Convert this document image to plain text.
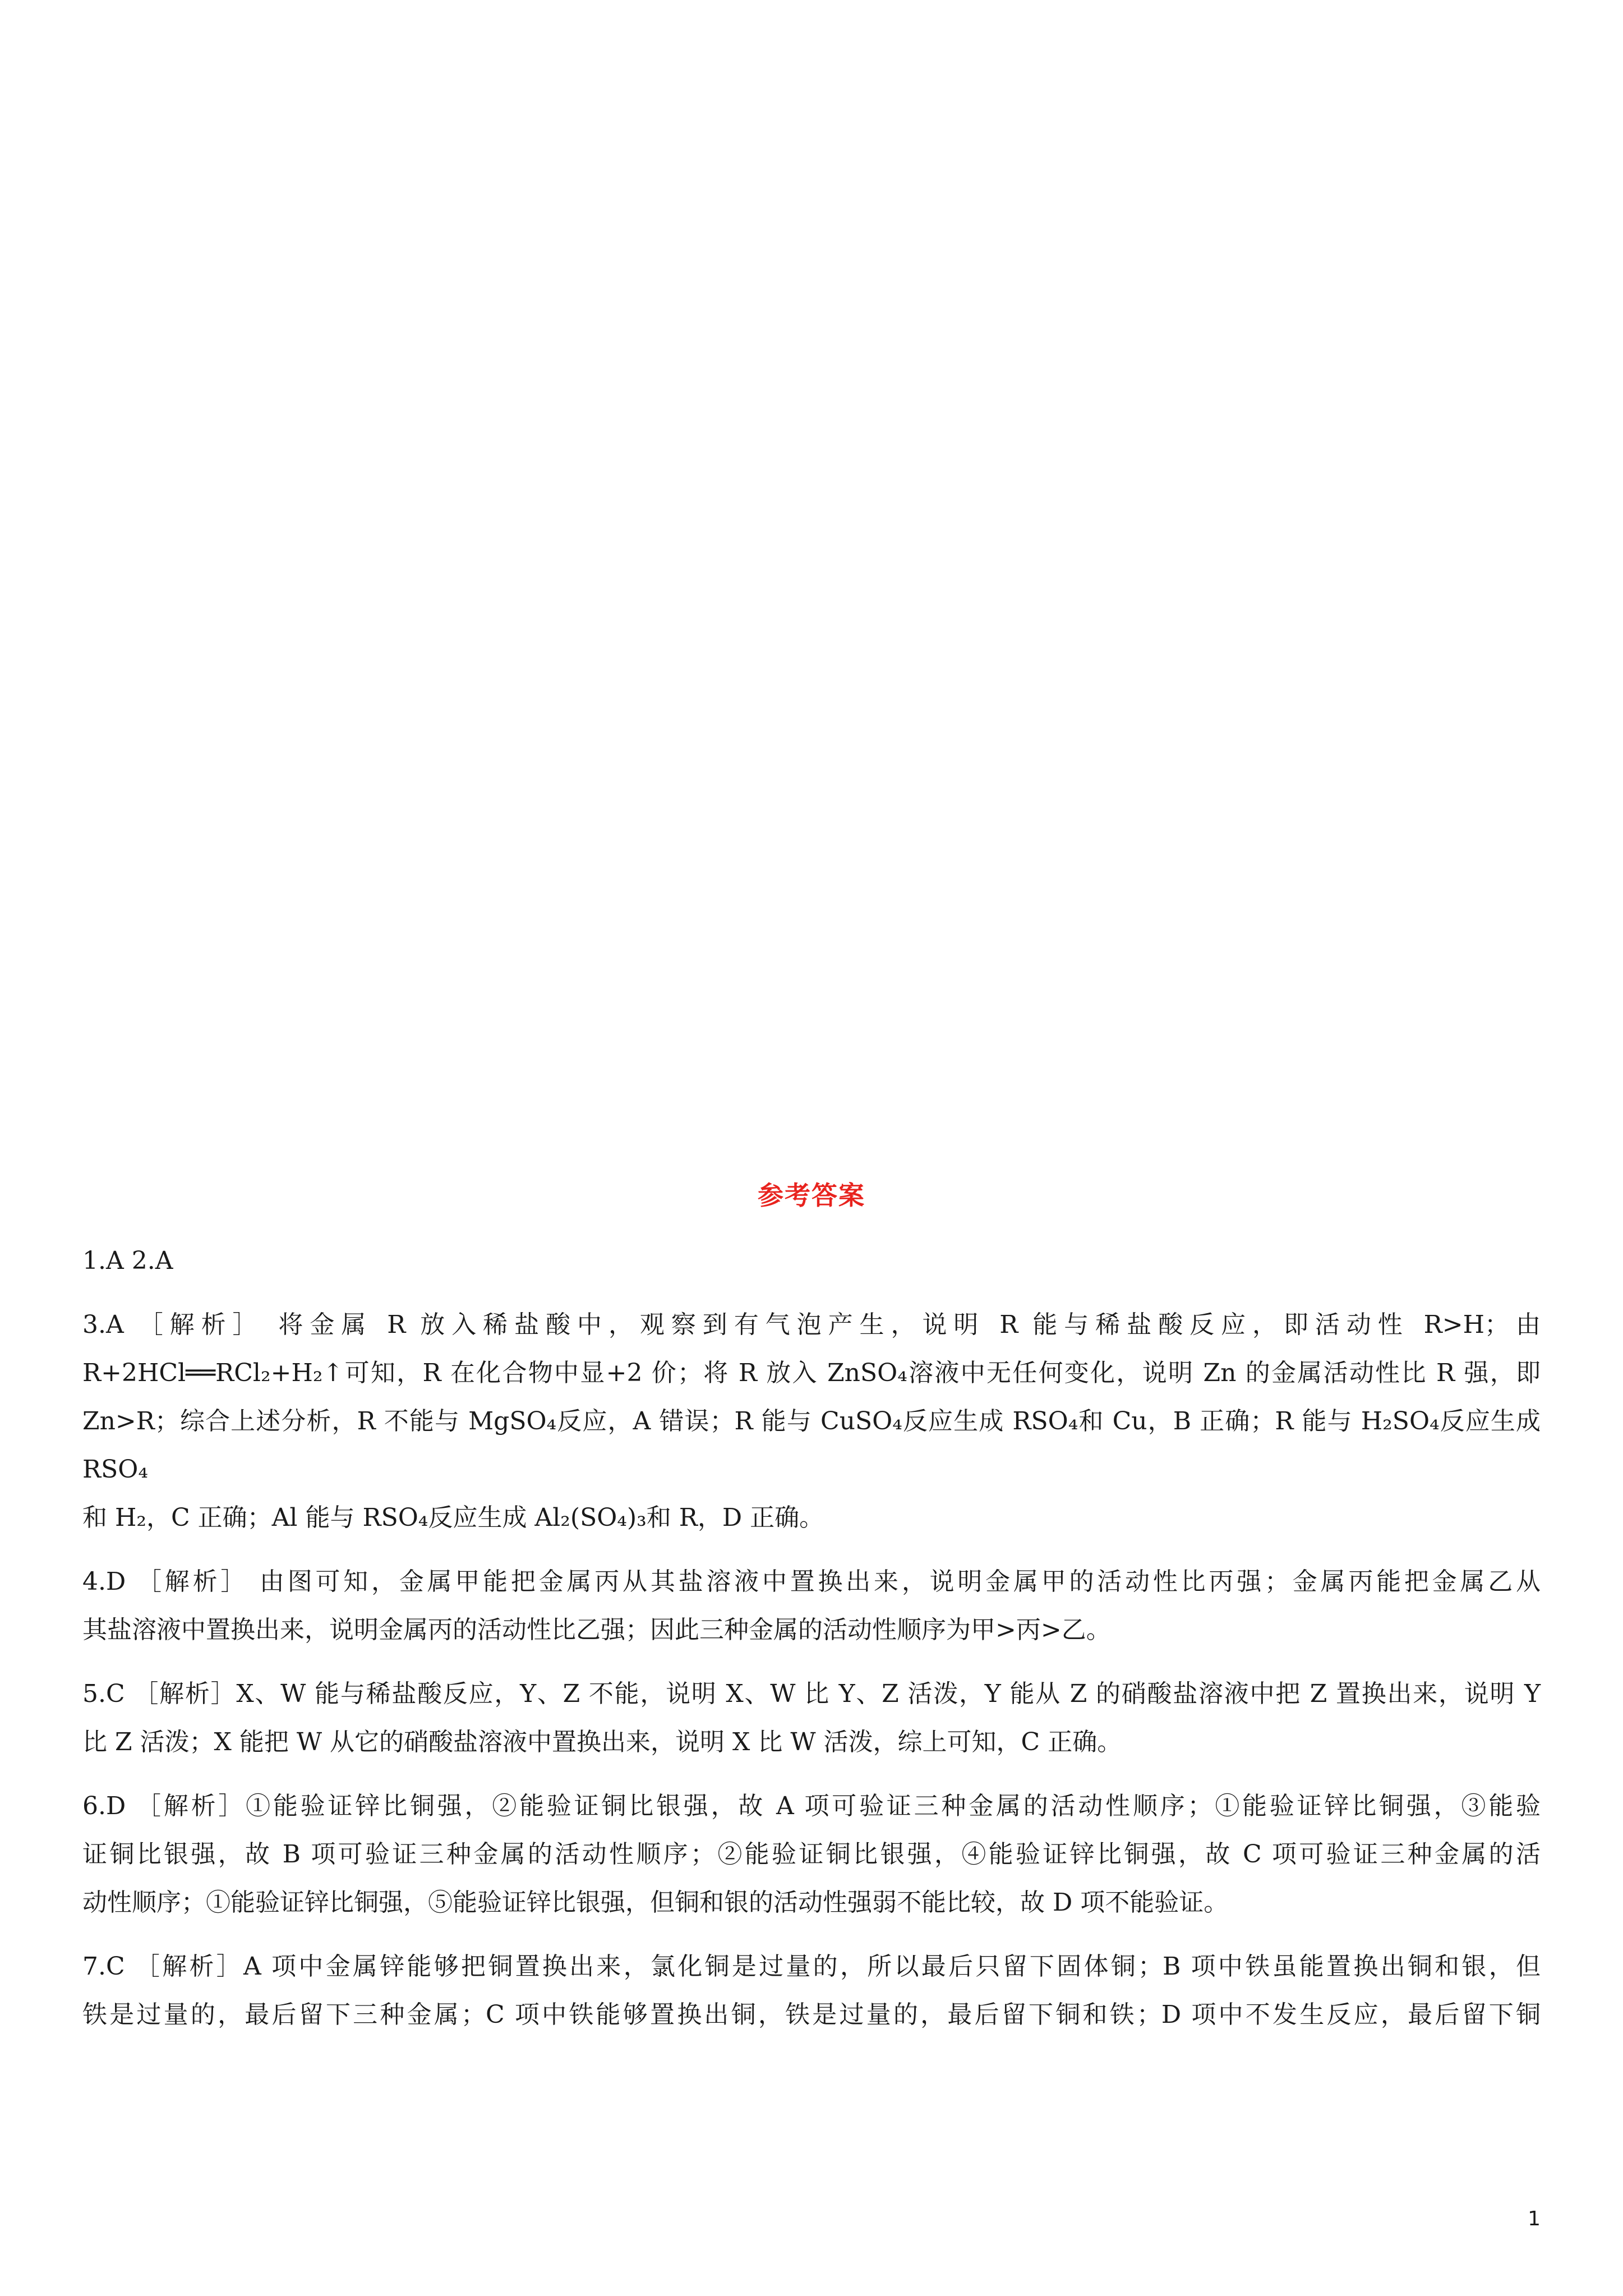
参考答案
1.A 2.A
3.A ［解析］ 将金属 R 放入稀盐酸中，观察到有气泡产生，说明 R 能与稀盐酸反应，即活动性 R>H；由
R+2HCl══RCl₂+H₂↑可知，R 在化合物中显+2 价；将 R 放入 ZnSO₄溶液中无任何变化，说明 Zn 的金属活动性比 R 强，即
Zn>R；综合上述分析，R 不能与 MgSO₄反应，A 错误；R 能与 CuSO₄反应生成 RSO₄和 Cu，B 正确；R 能与 H₂SO₄反应生成 RSO₄
和 H₂，C 正确；Al 能与 RSO₄反应生成 Al₂(SO₄)₃和 R，D 正确。
4.D ［解析］ 由图可知，金属甲能把金属丙从其盐溶液中置换出来，说明金属甲的活动性比丙强；金属丙能把金属乙从
其盐溶液中置换出来，说明金属丙的活动性比乙强；因此三种金属的活动性顺序为甲>丙>乙。
5.C ［解析］X、W 能与稀盐酸反应，Y、Z 不能，说明 X、W 比 Y、Z 活泼，Y 能从 Z 的硝酸盐溶液中把 Z 置换出来，说明 Y
比 Z 活泼；X 能把 W 从它的硝酸盐溶液中置换出来，说明 X 比 W 活泼，综上可知，C 正确。
6.D ［解析］①能验证锌比铜强，②能验证铜比银强，故 A 项可验证三种金属的活动性顺序；①能验证锌比铜强，③能验
证铜比银强，故 B 项可验证三种金属的活动性顺序；②能验证铜比银强，④能验证锌比铜强，故 C 项可验证三种金属的活
动性顺序；①能验证锌比铜强，⑤能验证锌比银强，但铜和银的活动性强弱不能比较，故 D 项不能验证。
7.C ［解析］A 项中金属锌能够把铜置换出来，氯化铜是过量的，所以最后只留下固体铜；B 项中铁虽能置换出铜和银，但
铁是过量的，最后留下三种金属；C 项中铁能够置换出铜，铁是过量的，最后留下铜和铁；D 项中不发生反应，最后留下铜
1
